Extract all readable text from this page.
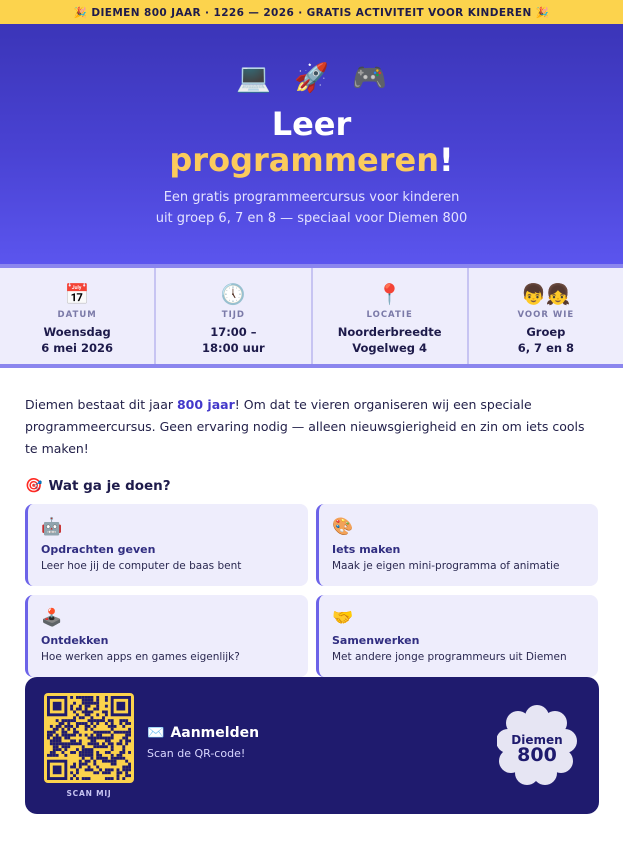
🎉 DIEMEN 800 JAAR · 1226 — 2026 · GRATIS ACTIVITEIT VOOR KINDEREN 🎉
💻 🚀 🎮
Leer
programmeren!

Een gratis programmeercursus voor kinderen
uit groep 6, 7 en 8 — speciaal voor Diemen 800

📅
DATUM
Woensdag
6 mei 2026
🕔
TIJD
17:00 –
18:00 uur
📍
LOCATIE
Noorderbreedte
Vogelweg 4
👦👧
VOOR WIE
Groep
6, 7 en 8

Diemen bestaat dit jaar 800 jaar! Om dat te vieren organiseren wij een speciale programmeercursus. Geen ervaring nodig — alleen nieuwsgierigheid en zin om iets cools te maken!

🎯 Wat ga je doen?
🤖
Opdrachten geven
Leer hoe jij de computer de baas bent
🎨
Iets maken
Maak je eigen mini-programma of animatie
🕹️
Ontdekken
Hoe werken apps en games eigenlijk?
🤝
Samenwerken
Met andere jonge programmeurs uit Diemen
SCAN MIJ
✉️ Aanmelden
Scan de QR-code!
Diemen
800
